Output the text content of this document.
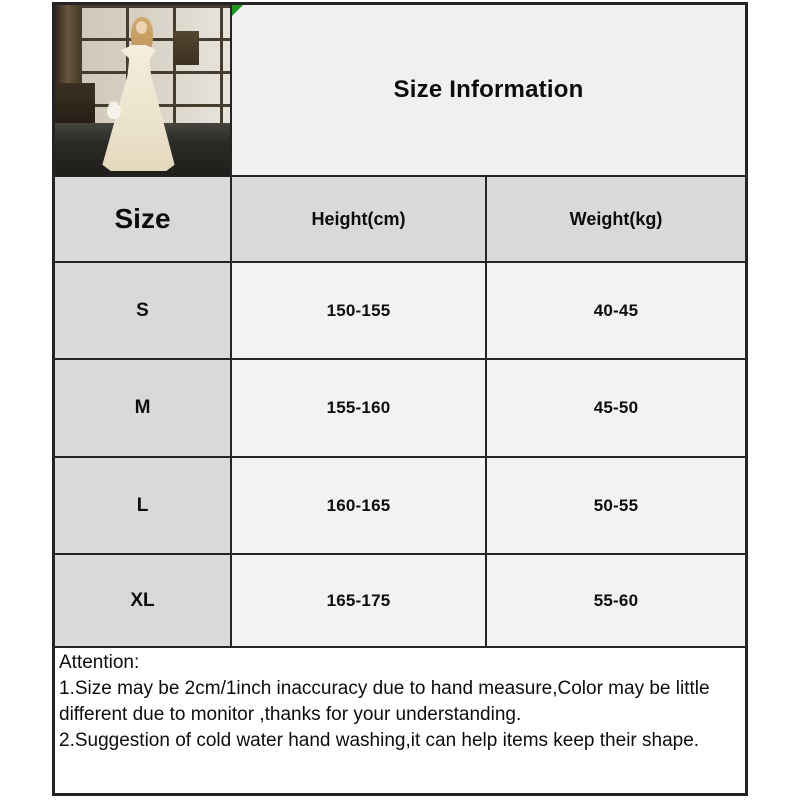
Size Information
Size	Height(cm)	Weight(kg)
S	150-155	40-45
M	155-160	45-50
L	160-165	50-55
XL	165-175	55-60

Attention:

1.Size may be 2cm/1inch inaccuracy due to hand measure,Color may be little different due to monitor ,thanks for your understanding.

2.Suggestion of cold water hand washing,it can help items keep their shape.
